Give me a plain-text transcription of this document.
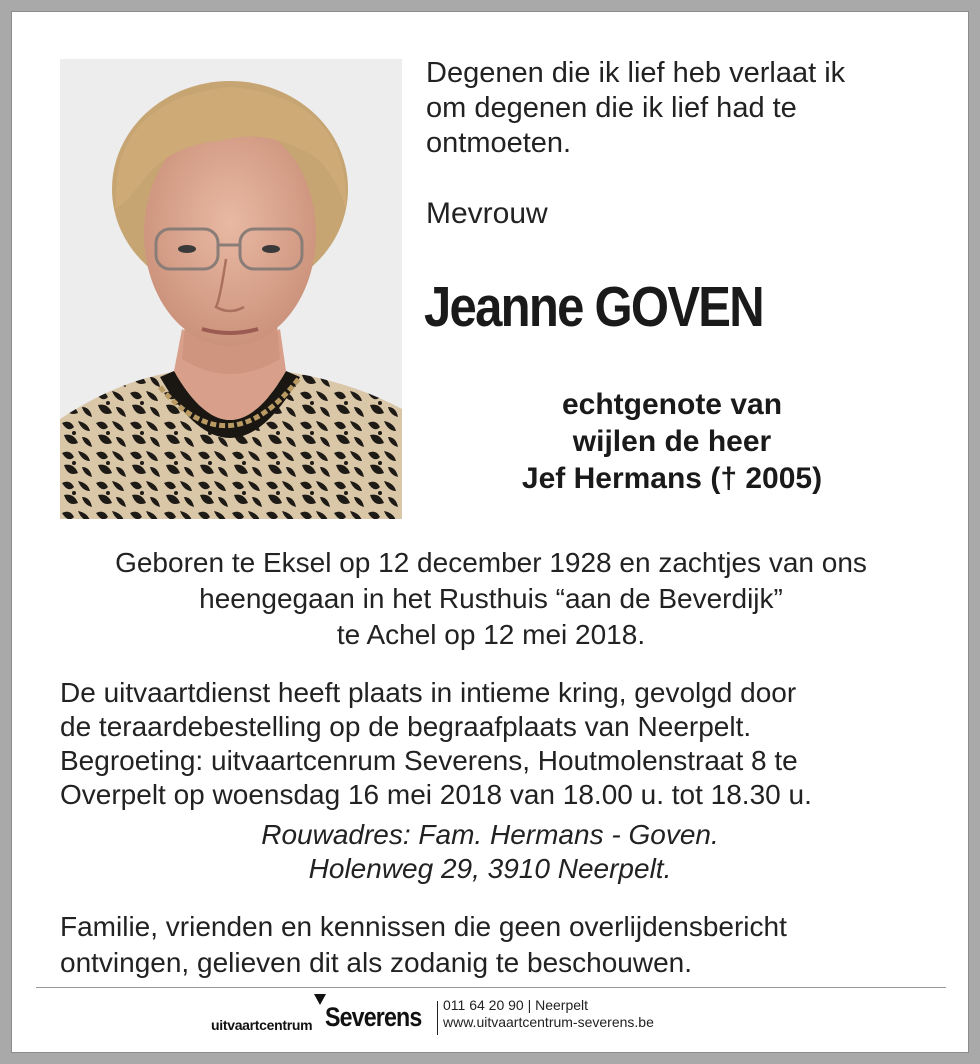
Degenen die ik lief heb verlaat ik
om degenen die ik lief had te
ontmoeten.
Mevrouw
Jeanne GOVEN
echtgenote van
wijlen de heer
Jef Hermans († 2005)
Geboren te Eksel op 12 december 1928 en zachtjes van ons
heengegaan in het Rusthuis “aan de Beverdijk”
te Achel op 12 mei 2018.
De uitvaartdienst heeft plaats in intieme kring, gevolgd door
de teraardebestelling op de begraafplaats van Neerpelt.
Begroeting: uitvaartcenrum Severens, Houtmolenstraat 8 te
Overpelt op woensdag 16 mei 2018 van 18.00 u. tot 18.30 u.
Rouwadres: Fam. Hermans - Goven.
Holenweg 29, 3910 Neerpelt.
Familie, vrienden en kennissen die geen overlijdensbericht
ontvingen, gelieven dit als zodanig te beschouwen.
uitvaartcentrum Severens 011 64 20 90 | Neerpelt
www.uitvaartcentrum-severens.be
